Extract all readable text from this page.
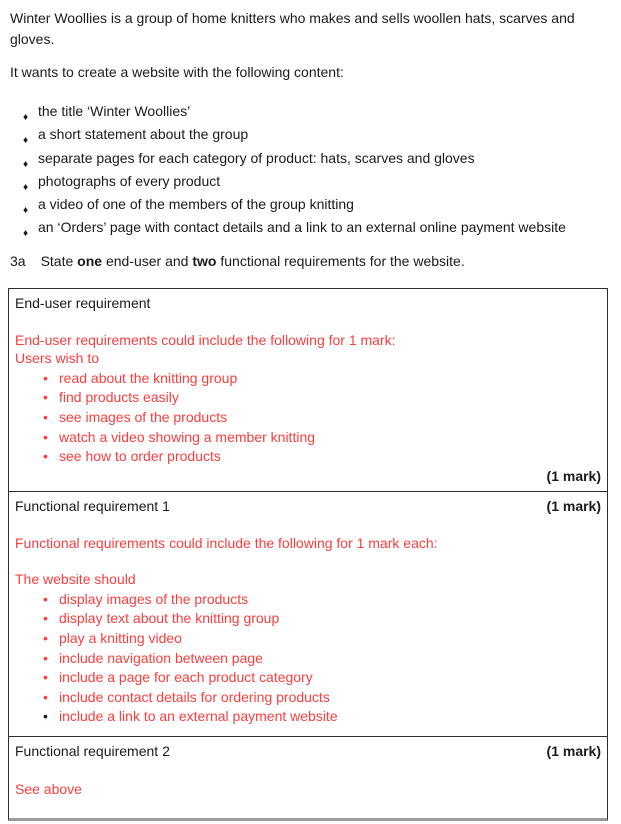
Winter Woollies is a group of home knitters who makes and sells woollen hats, scarves and
gloves.
It wants to create a website with the following content:
♦ the title ‘Winter Woollies’
♦ a short statement about the group
♦ separate pages for each category of product: hats, scarves and gloves
♦ photographs of every product
♦ a video of one of the members of the group knitting
♦ an ‘Orders’ page with contact details and a link to an external online payment website
3a State one end-user and two functional requirements for the website.
End-user requirement
End-user requirements could include the following for 1 mark:
Users wish to
• read about the knitting group
• find products easily
• see images of the products
• watch a video showing a member knitting
• see how to order products
(1 mark)
Functional requirement 1	(1 mark)
Functional requirements could include the following for 1 mark each:
The website should
• display images of the products
• display text about the knitting group
• play a knitting video
• include navigation between page
• include a page for each product category
• include contact details for ordering products
• include a link to an external payment website
Functional requirement 2	(1 mark)
See above
